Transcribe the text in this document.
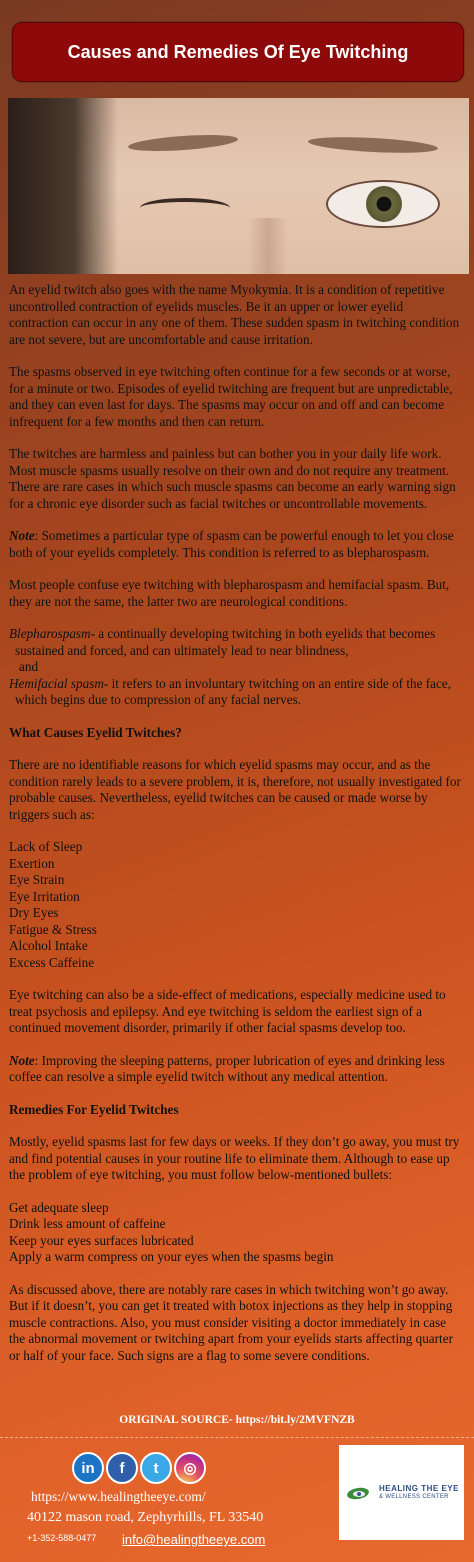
Causes and Remedies Of Eye Twitching

An eyelid twitch also goes with the name Myokymia. It is a condition of repetitive uncontrolled contraction of eyelids muscles. Be it an upper or lower eyelid contraction can occur in any one of them. These sudden spasm in twitching condition are not severe, but are uncomfortable and cause irritation.

The spasms observed in eye twitching often continue for a few seconds or at worse, for a minute or two. Episodes of eyelid twitching are frequent but are unpredictable, and they can even last for days. The spasms may occur on and off and can become infrequent for a few months and then can return.

The twitches are harmless and painless but can bother you in your daily life work. Most muscle spasms usually resolve on their own and do not require any treatment. There are rare cases in which such muscle spasms can become an early warning sign for a chronic eye disorder such as facial twitches or uncontrollable movements.

Note: Sometimes a particular type of spasm can be powerful enough to let you close both of your eyelids completely. This condition is referred to as blepharospasm.

Most people confuse eye twitching with blepharospasm and hemifacial spasm. But, they are not the same, the latter two are neurological conditions.

Blepharospasm- a continually developing twitching in both eyelids that becomes
sustained and forced, and can ultimately lead to near blindness,
and
Hemifacial spasm- it refers to an involuntary twitching on an entire side of the face,
which begins due to compression of any facial nerves.
What Causes Eyelid Twitches?

There are no identifiable reasons for which eyelid spasms may occur, and as the condition rarely leads to a severe problem, it is, therefore, not usually investigated for probable causes. Nevertheless, eyelid twitches can be caused or made worse by triggers such as:

Lack of Sleep
Exertion
Eye Strain
Eye Irritation
Dry Eyes
Fatigue & Stress
Alcohol Intake
Excess Caffeine

Eye twitching can also be a side-effect of medications, especially medicine used to treat psychosis and epilepsy. And eye twitching is seldom the earliest sign of a continued movement disorder, primarily if other facial spasms develop too.

Note: Improving the sleeping patterns, proper lubrication of eyes and drinking less coffee can resolve a simple eyelid twitch without any medical attention.

Remedies For Eyelid Twitches

Mostly, eyelid spasms last for few days or weeks. If they don’t go away, you must try and find potential causes in your routine life to eliminate them. Although to ease up the problem of eye twitching, you must follow below-mentioned bullets:

Get adequate sleep
Drink less amount of caffeine
Keep your eyes surfaces lubricated
Apply a warm compress on your eyes when the spasms begin

As discussed above, there are notably rare cases in which twitching won’t go away. But if it doesn’t, you can get it treated with botox injections as they help in stopping muscle contractions. Also, you must consider visiting a doctor immediately in case the abnormal movement or twitching apart from your eyelids starts affecting quarter or half of your face. Such signs are a flag to some severe conditions.

ORIGINAL SOURCE- https://bit.ly/2MVFNZB
in	f	t	◎
https://www.healingtheeye.com/
40122 mason road, Zephyrhills, FL 33540
+1-352-588-0477 info@healingtheeye.com
HEALING THE EYE
& WELLNESS CENTER
